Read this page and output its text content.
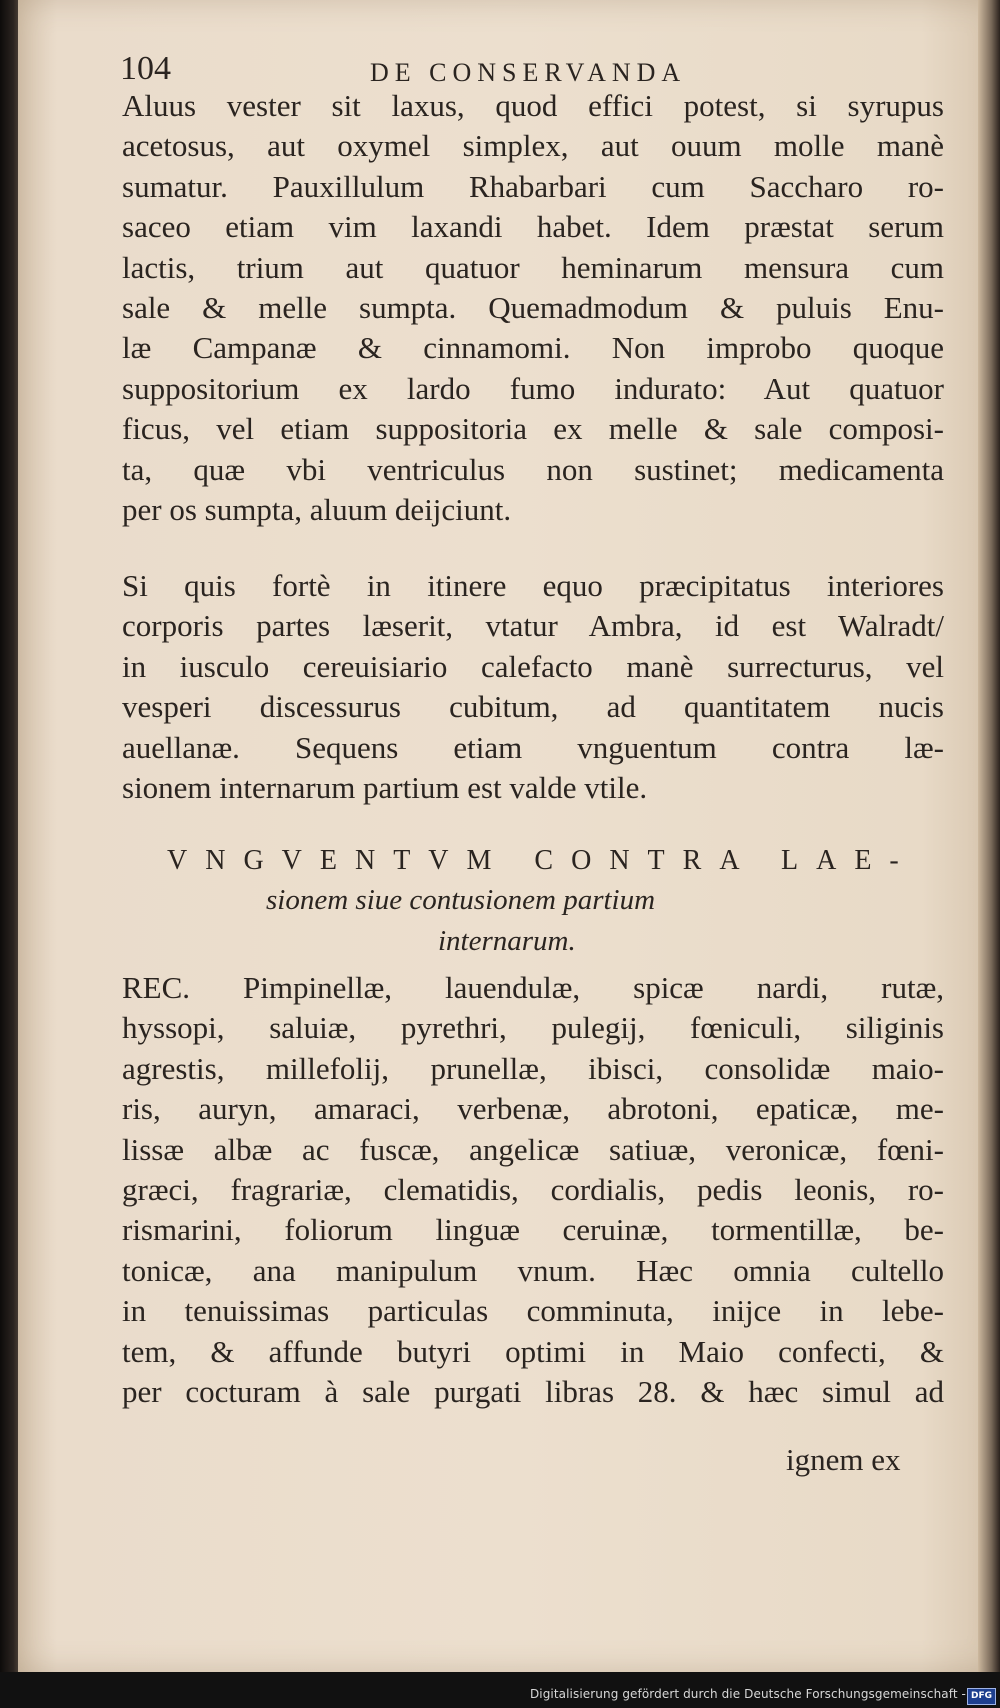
104	DE CONSERVANDA
Aluus vester sit laxus, quod effici potest, si syrupus
acetosus, aut oxymel simplex, aut ouum molle manè
sumatur. Pauxillulum Rhabarbari cum Saccharo ro-
saceo etiam vim laxandi habet. Idem præstat serum
lactis, trium aut quatuor heminarum mensura cum
sale & melle sumpta. Quemadmodum & puluis Enu-
læ Campanæ & cinnamomi. Non improbo quoque
suppositorium ex lardo fumo indurato: Aut quatuor
ficus, vel etiam suppositoria ex melle & sale composi-
ta, quæ vbi ventriculus non sustinet; medicamenta
per os sumpta, aluum deijciunt.
Si quis fortè in itinere equo præcipitatus interiores
corporis partes læserit, vtatur Ambra, id est Walradt/
in iusculo cereuisiario calefacto manè surrecturus, vel
vesperi discessurus cubitum, ad quantitatem nucis
auellanæ. Sequens etiam vnguentum contra læ-
sionem internarum partium est valde vtile.
VNGVENTVM CONTRA LAE-
sionem siue contusionem partium
internarum.
REC. Pimpinellæ, lauendulæ, spicæ nardi, rutæ,
hyssopi, saluiæ, pyrethri, pulegij, fœniculi, siliginis
agrestis, millefolij, prunellæ, ibisci, consolidæ maio-
ris, auryn, amaraci, verbenæ, abrotoni, epaticæ, me-
lissæ albæ ac fuscæ, angelicæ satiuæ, veronicæ, fœni-
græci, fragrariæ, clematidis, cordialis, pedis leonis, ro-
rismarini, foliorum linguæ ceruinæ, tormentillæ, be-
tonicæ, ana manipulum vnum. Hæc omnia cultello
in tenuissimas particulas comminuta, inijce in lebe-
tem, & affunde butyri optimi in Maio confecti, &
per cocturam à sale purgati libras 28. & hæc simul ad
ignem ex
Digitalisierung gefördert durch die Deutsche Forschungsgemeinschaft - DFG
